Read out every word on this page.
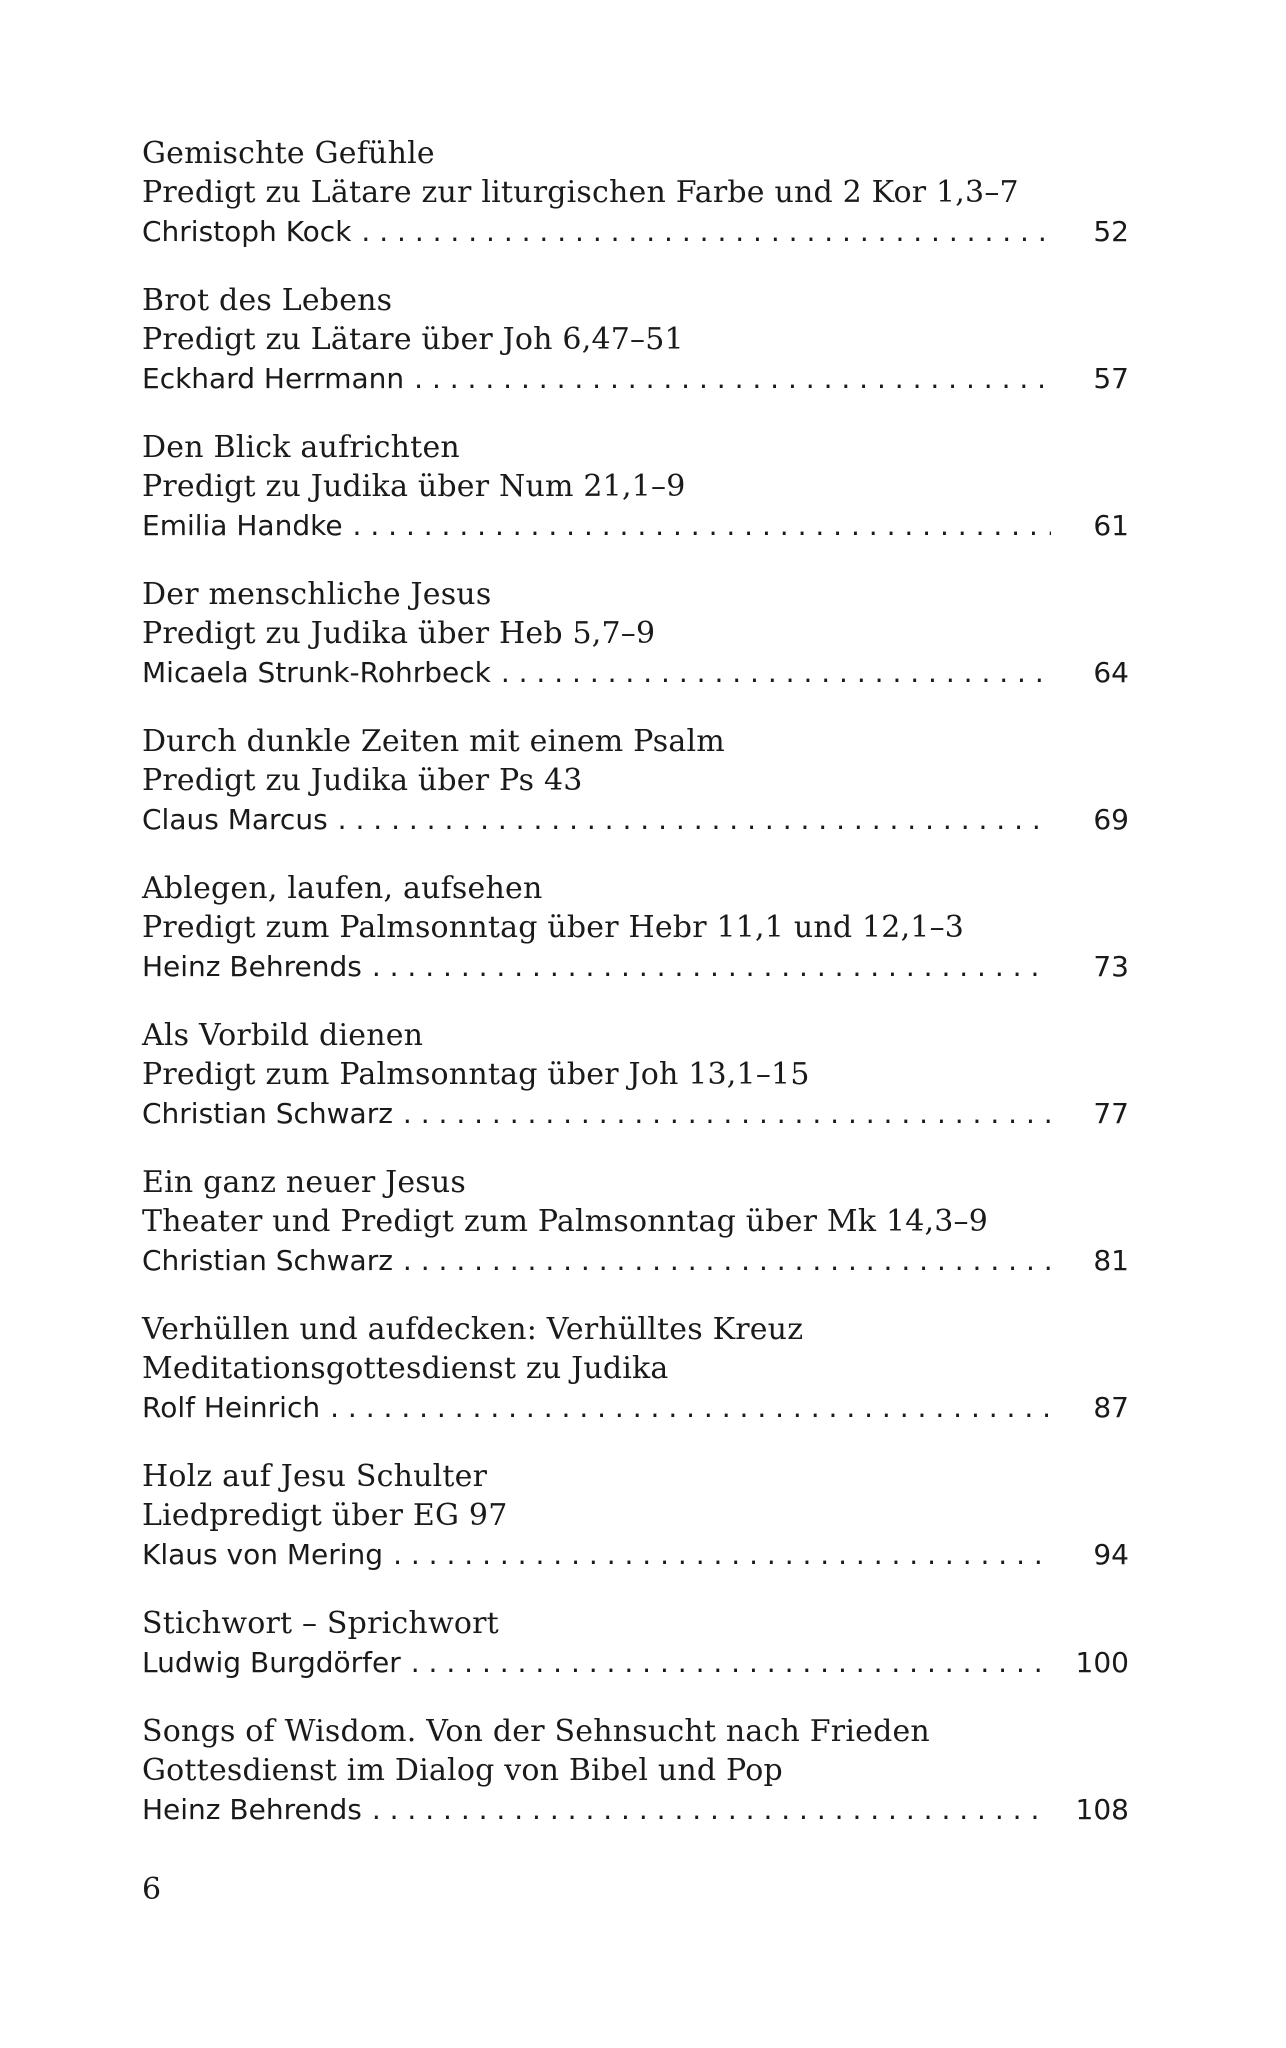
Gemischte Gefühle
Predigt zu Lätare zur liturgischen Farbe und 2 Kor 1,3–7
Christoph Kock . . .	52
Brot des Lebens
Predigt zu Lätare über Joh 6,47–51
Eckhard Herrmann . . .	57
Den Blick aufrichten
Predigt zu Judika über Num 21,1–9
Emilia Handke . . .	61
Der menschliche Jesus
Predigt zu Judika über Heb 5,7–9
Micaela Strunk-Rohrbeck . . .	64
Durch dunkle Zeiten mit einem Psalm
Predigt zu Judika über Ps 43
Claus Marcus . . .	69
Ablegen, laufen, aufsehen
Predigt zum Palmsonntag über Hebr 11,1 und 12,1–3
Heinz Behrends . . .	73
Als Vorbild dienen
Predigt zum Palmsonntag über Joh 13,1–15
Christian Schwarz . . .	77
Ein ganz neuer Jesus
Theater und Predigt zum Palmsonntag über Mk 14,3–9
Christian Schwarz . . .	81
Verhüllen und aufdecken: Verhülltes Kreuz
Meditationsgottesdienst zu Judika
Rolf Heinrich . . .	87
Holz auf Jesu Schulter
Liedpredigt über EG 97
Klaus von Mering . . .	94
Stichwort – Sprichwort
Ludwig Burgdörfer . . .	100
Songs of Wisdom. Von der Sehnsucht nach Frieden
Gottesdienst im Dialog von Bibel und Pop
Heinz Behrends . . .	108
6
